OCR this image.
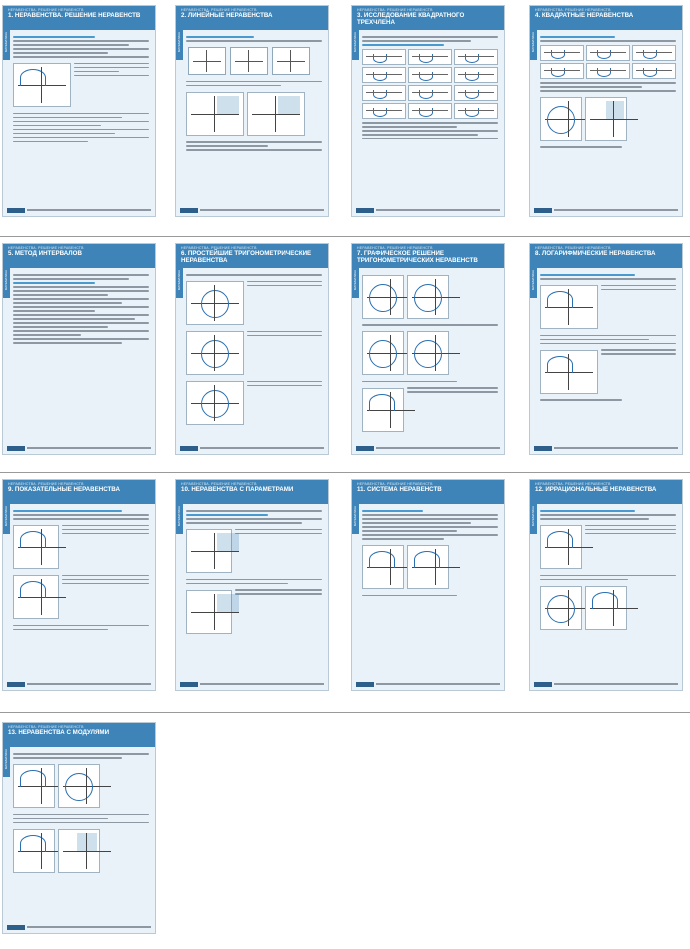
НЕРАВЕНСТВА. РЕШЕНИЕ НЕРАВЕНСТВ
1. НЕРАВЕНСТВА. РЕШЕНИЕ НЕРАВЕНСТВ
МАТЕМАТИКА
НЕРАВЕНСТВА. РЕШЕНИЕ НЕРАВЕНСТВ
2. ЛИНЕЙНЫЕ НЕРАВЕНСТВА
МАТЕМАТИКА
НЕРАВЕНСТВА. РЕШЕНИЕ НЕРАВЕНСТВ
3. ИССЛЕДОВАНИЕ КВАДРАТНОГО
ТРЕХЧЛЕНА
МАТЕМАТИКА
НЕРАВЕНСТВА. РЕШЕНИЕ НЕРАВЕНСТВ
4. КВАДРАТНЫЕ НЕРАВЕНСТВА
МАТЕМАТИКА
НЕРАВЕНСТВА. РЕШЕНИЕ НЕРАВЕНСТВ
5. МЕТОД ИНТЕРВАЛОВ
МАТЕМАТИКА
НЕРАВЕНСТВА. РЕШЕНИЕ НЕРАВЕНСТВ
6. ПРОСТЕЙШИЕ ТРИГОНОМЕТРИЧЕСКИЕ
НЕРАВЕНСТВА
МАТЕМАТИКА
НЕРАВЕНСТВА. РЕШЕНИЕ НЕРАВЕНСТВ
7. ГРАФИЧЕСКОЕ РЕШЕНИЕ
ТРИГОНОМЕТРИЧЕСКИХ НЕРАВЕНСТВ
МАТЕМАТИКА
НЕРАВЕНСТВА. РЕШЕНИЕ НЕРАВЕНСТВ
8. ЛОГАРИФМИЧЕСКИЕ НЕРАВЕНСТВА
МАТЕМАТИКА
НЕРАВЕНСТВА. РЕШЕНИЕ НЕРАВЕНСТВ
9. ПОКАЗАТЕЛЬНЫЕ НЕРАВЕНСТВА
МАТЕМАТИКА
НЕРАВЕНСТВА. РЕШЕНИЕ НЕРАВЕНСТВ
10. НЕРАВЕНСТВА С ПАРАМЕТРАМИ
МАТЕМАТИКА
НЕРАВЕНСТВА. РЕШЕНИЕ НЕРАВЕНСТВ
11. СИСТЕМА НЕРАВЕНСТВ
МАТЕМАТИКА
НЕРАВЕНСТВА. РЕШЕНИЕ НЕРАВЕНСТВ
12. ИРРАЦИОНАЛЬНЫЕ НЕРАВЕНСТВА
МАТЕМАТИКА
НЕРАВЕНСТВА. РЕШЕНИЕ НЕРАВЕНСТВ
13. НЕРАВЕНСТВА С МОДУЛЯМИ
МАТЕМАТИКА
